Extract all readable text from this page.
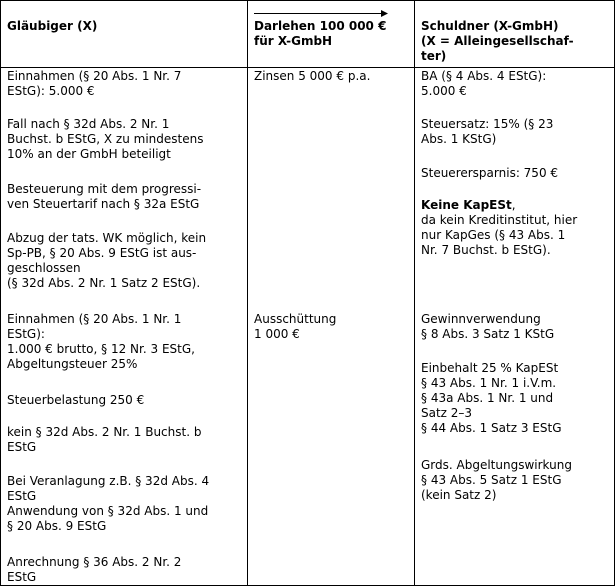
Gläubiger (X)	Darlehen 100 000 €
für X-GmbH
Schuldner (X-GmbH)
(X = Alleingesellschaf-
ter)
Einnahmen (§ 20 Abs. 1 Nr. 7
EStG): 5.000 €
Fall nach § 32d Abs. 2 Nr. 1
Buchst. b EStG, X zu mindestens
10% an der GmbH beteiligt
Besteuerung mit dem progressi-
ven Steuertarif nach § 32a EStG
Abzug der tats. WK möglich, kein
Sp-PB, § 20 Abs. 9 EStG ist aus-
geschlossen
(§ 32d Abs. 2 Nr. 1 Satz 2 EStG).
Zinsen 5 000 € p.a.	BA (§ 4 Abs. 4 EStG):
5.000 €
Steuersatz: 15% (§ 23
Abs. 1 KStG)
Steuerersparnis: 750 €
Keine KapESt,
da kein Kreditinstitut, hier
nur KapGes (§ 43 Abs. 1
Nr. 7 Buchst. b EStG).
Einnahmen (§ 20 Abs. 1 Nr. 1
EStG):
1.000 € brutto, § 12 Nr. 3 EStG,
Abgeltungsteuer 25%
Steuerbelastung 250 €
kein § 32d Abs. 2 Nr. 1 Buchst. b
EStG
Bei Veranlagung z.B. § 32d Abs. 4
EStG
Anwendung von § 32d Abs. 1 und
§ 20 Abs. 9 EStG
Anrechnung § 36 Abs. 2 Nr. 2
EStG
Ausschüttung
1 000 €
Gewinnverwendung
§ 8 Abs. 3 Satz 1 KStG
Einbehalt 25 % KapESt
§ 43 Abs. 1 Nr. 1 i.V.m.
§ 43a Abs. 1 Nr. 1 und
Satz 2–3
§ 44 Abs. 1 Satz 3 EStG
Grds. Abgeltungswirkung
§ 43 Abs. 5 Satz 1 EStG
(kein Satz 2)
